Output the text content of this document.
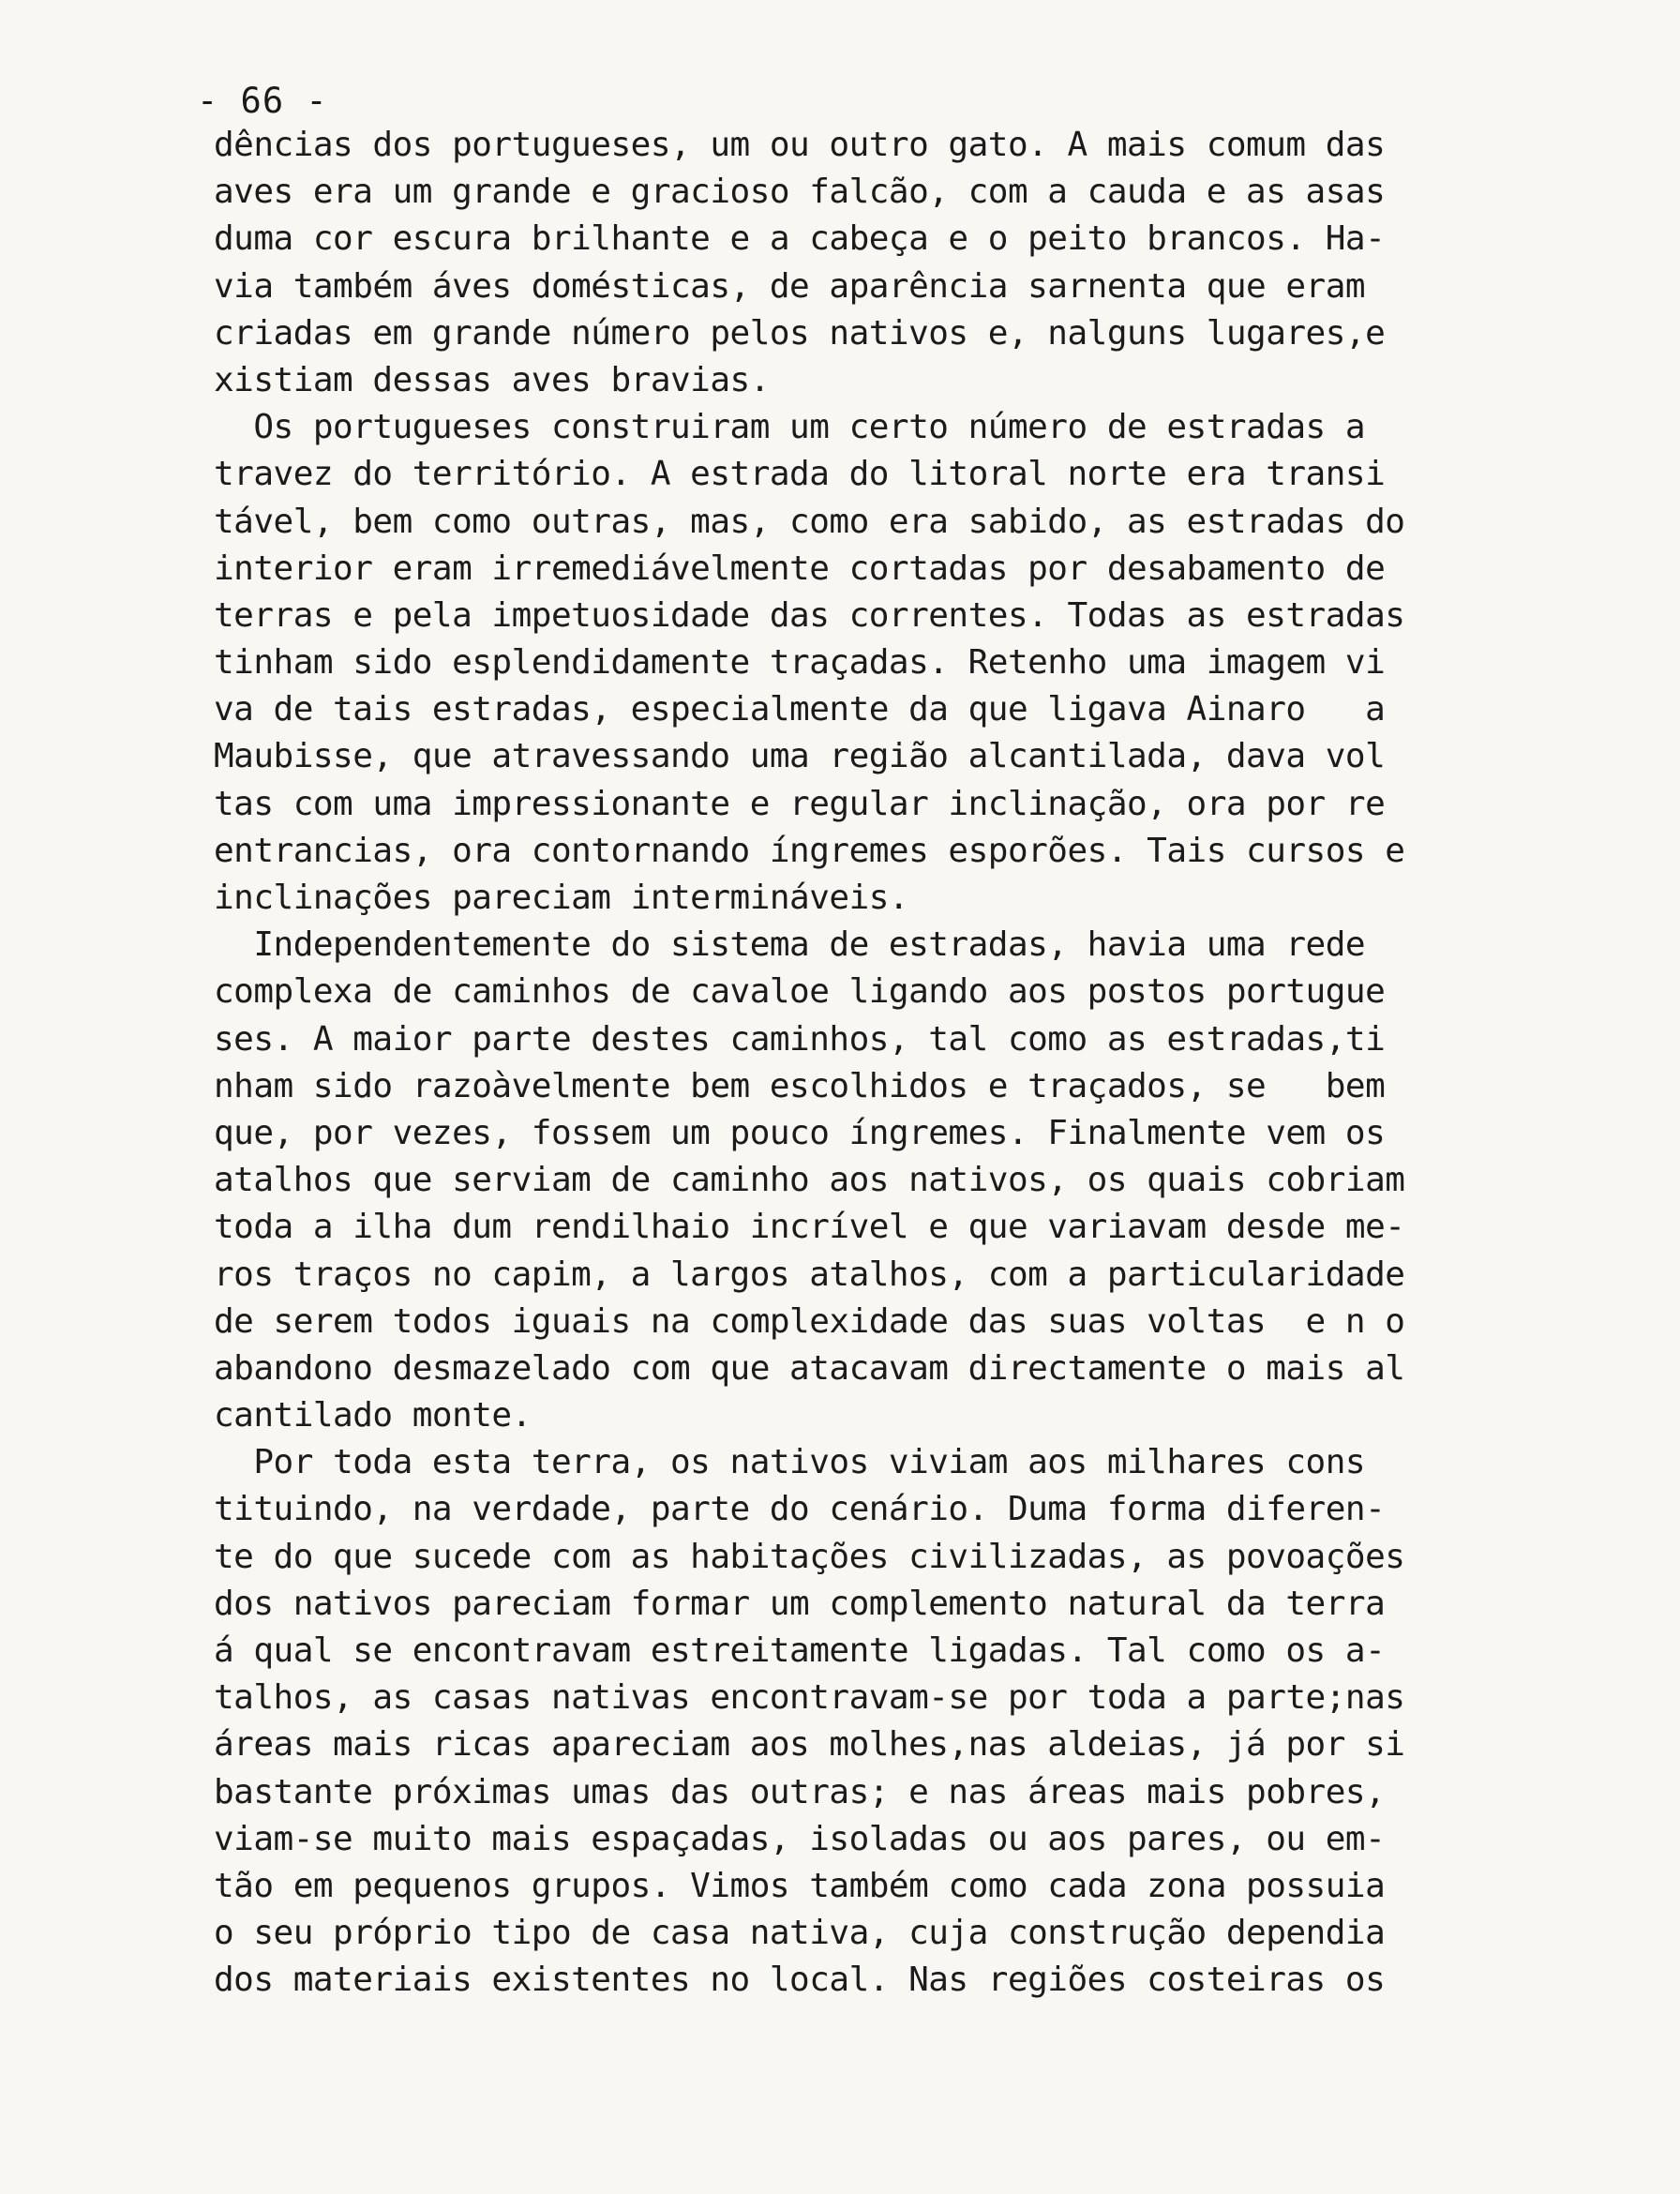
- 66 -
dências dos portugueses, um ou outro gato. A mais comum das
aves era um grande e gracioso falcão, com a cauda e as asas
duma cor escura brilhante e a cabeça e o peito brancos. Ha-
via também áves domésticas, de aparência sarnenta que eram
criadas em grande número pelos nativos e, nalguns lugares,e
xistiam dessas aves bravias.
Os portugueses construiram um certo número de estradas a
travez do território. A estrada do litoral norte era transi
tável, bem como outras, mas, como era sabido, as estradas do
interior eram irremediávelmente cortadas por desabamento de
terras e pela impetuosidade das correntes. Todas as estradas
tinham sido esplendidamente traçadas. Retenho uma imagem vi
va de tais estradas, especialmente da que ligava Ainaro   a
Maubisse, que atravessando uma região alcantilada, dava vol
tas com uma impressionante e regular inclinação, ora por re
entrancias, ora contornando íngremes esporões. Tais cursos e
inclinações pareciam intermináveis.
Independentemente do sistema de estradas, havia uma rede
complexa de caminhos de cavaloe ligando aos postos portugue
ses. A maior parte destes caminhos, tal como as estradas,ti
nham sido razoàvelmente bem escolhidos e traçados, se   bem
que, por vezes, fossem um pouco íngremes. Finalmente vem os
atalhos que serviam de caminho aos nativos, os quais cobriam
toda a ilha dum rendilhaio incrível e que variavam desde me-
ros traços no capim, a largos atalhos, com a particularidade
de serem todos iguais na complexidade das suas voltas  e n o
abandono desmazelado com que atacavam directamente o mais al
cantilado monte.
Por toda esta terra, os nativos viviam aos milhares cons
tituindo, na verdade, parte do cenário. Duma forma diferen-
te do que sucede com as habitações civilizadas, as povoações
dos nativos pareciam formar um complemento natural da terra
á qual se encontravam estreitamente ligadas. Tal como os a-
talhos, as casas nativas encontravam-se por toda a parte;nas
áreas mais ricas apareciam aos molhes,nas aldeias, já por si
bastante próximas umas das outras; e nas áreas mais pobres,
viam-se muito mais espaçadas, isoladas ou aos pares, ou em-
tão em pequenos grupos. Vimos também como cada zona possuia
o seu próprio tipo de casa nativa, cuja construção dependia
dos materiais existentes no local. Nas regiões costeiras os
